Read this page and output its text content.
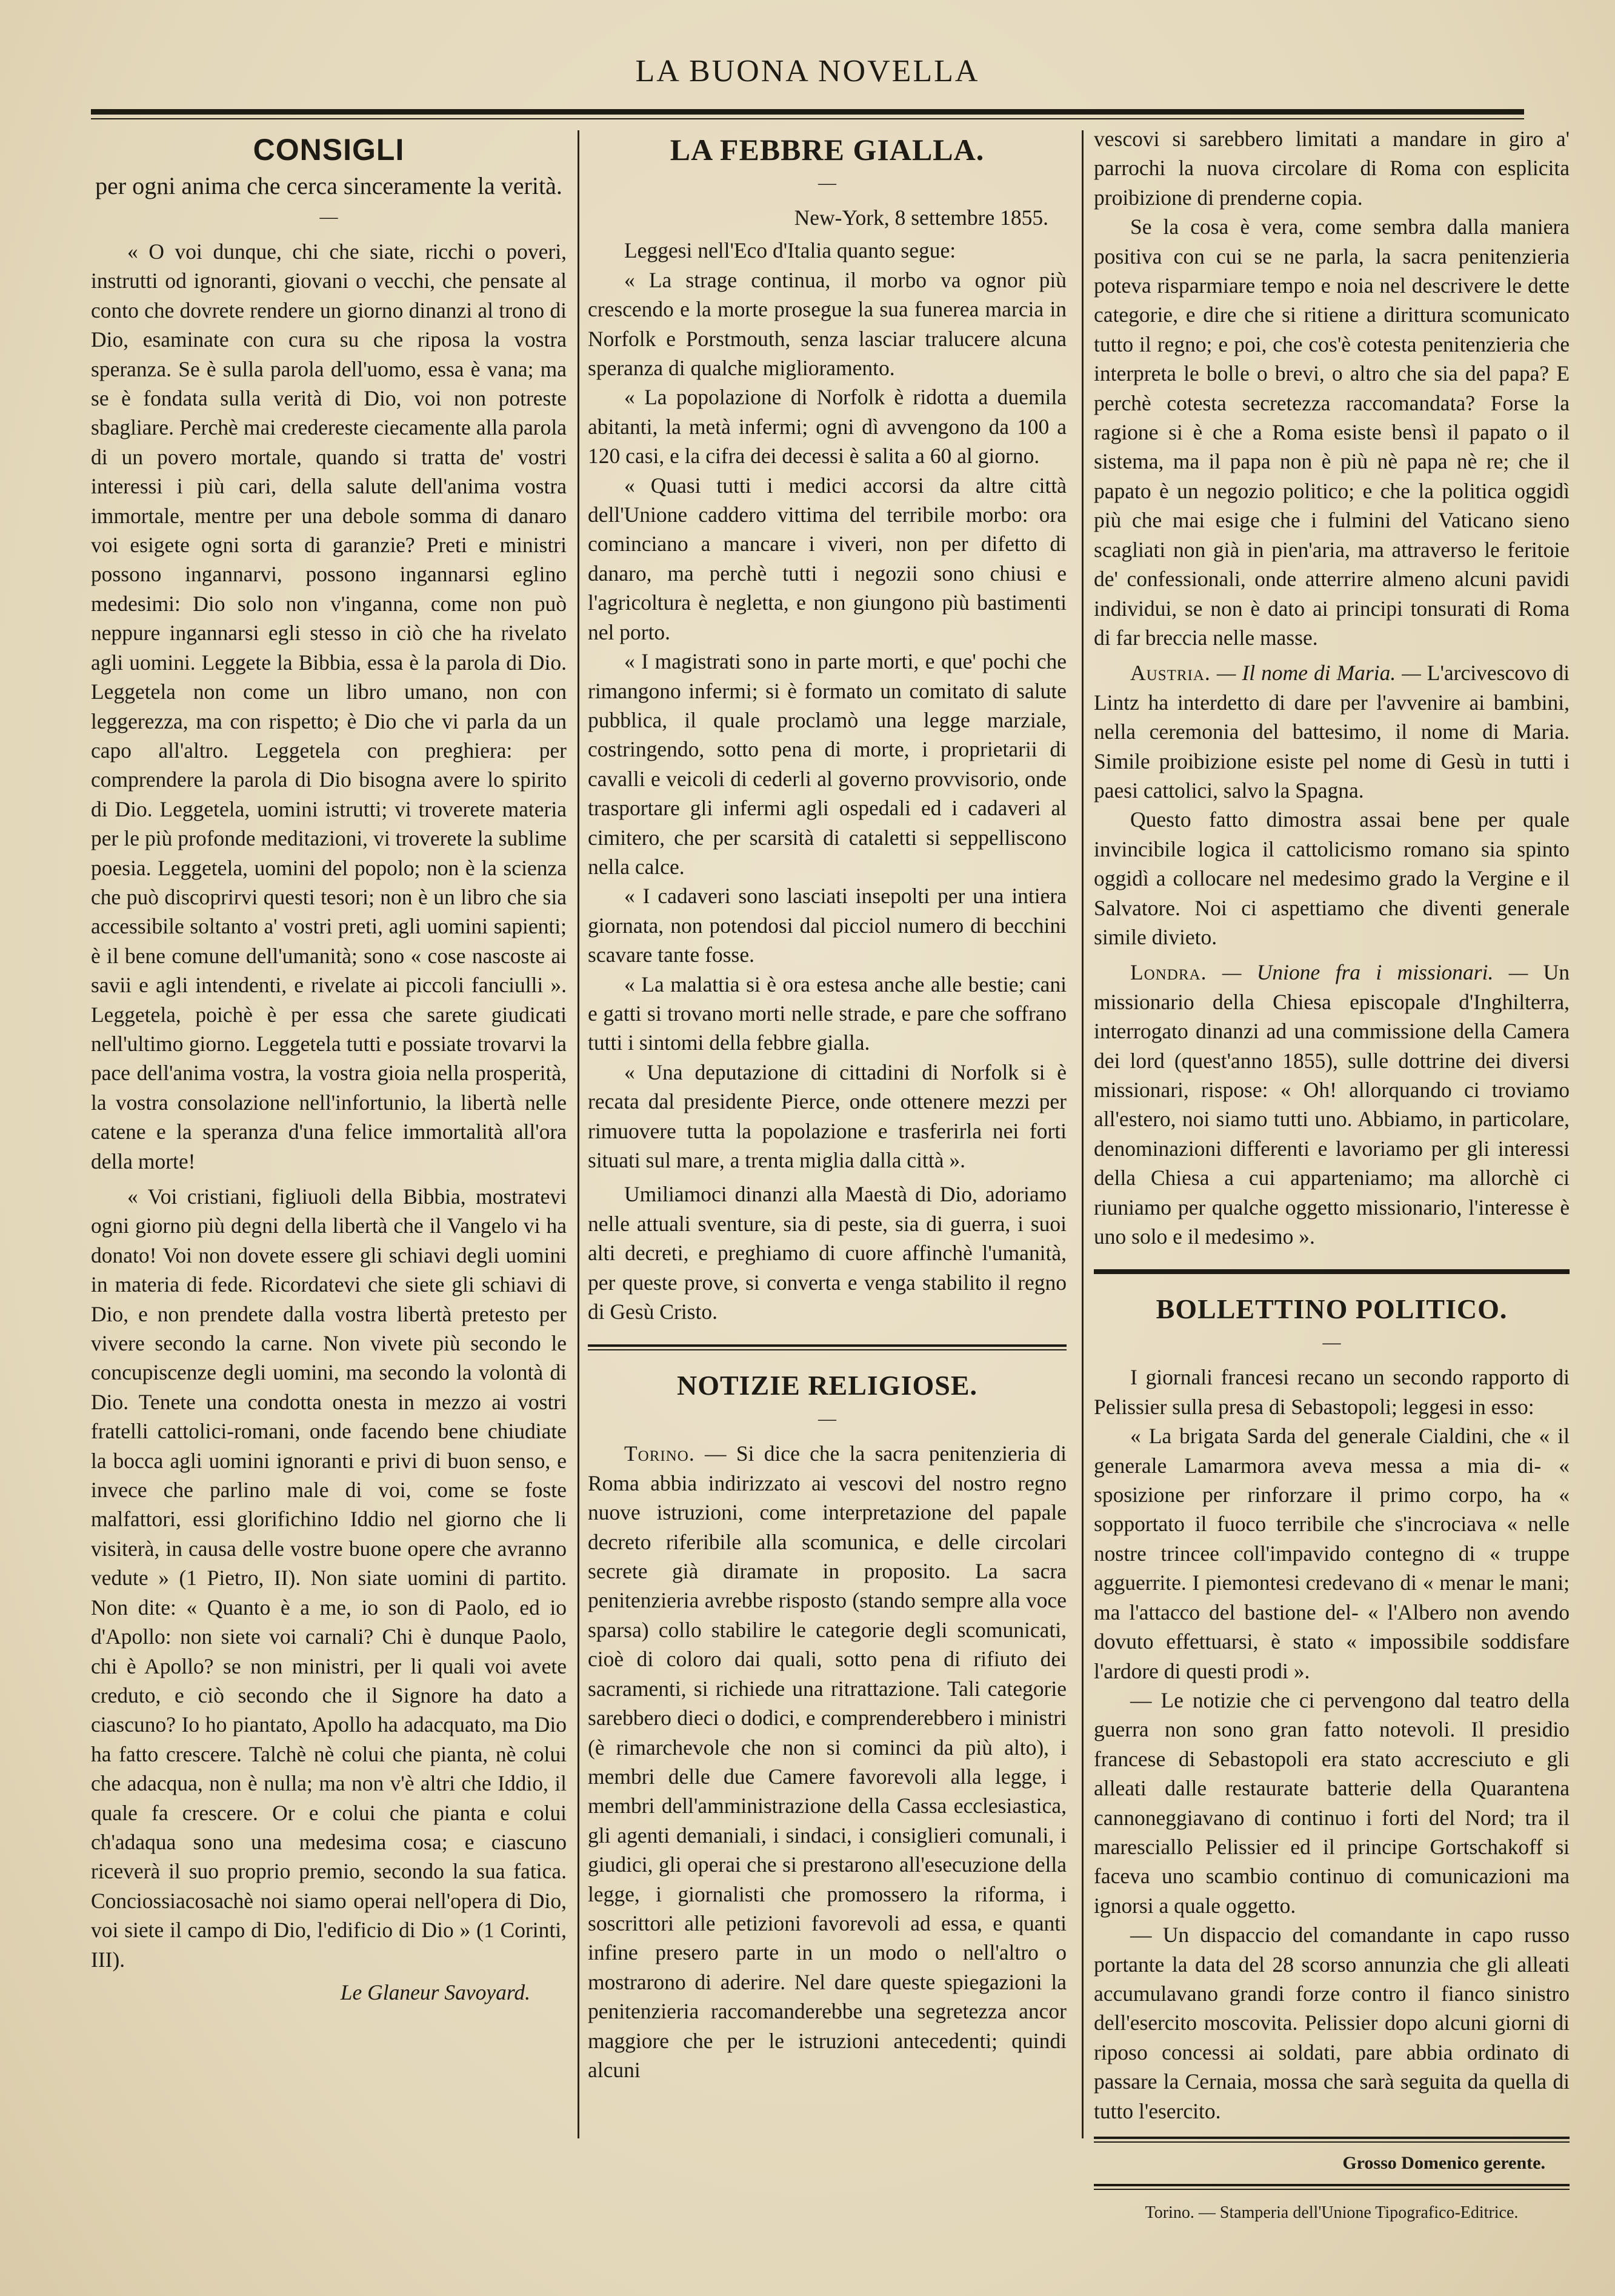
LA BUONA NOVELLA
CONSIGLI
per ogni anima che cerca sinceramente la verità.
—

« O voi dunque, chi che siate, ricchi o poveri, instrutti od ignoranti, giovani o vecchi, che pensate al conto che dovrete rendere un giorno dinanzi al trono di Dio, esaminate con cura su che riposa la vostra speranza. Se è sulla parola dell'uomo, essa è vana; ma se è fondata sulla verità di Dio, voi non potreste sbagliare. Perchè mai credereste ciecamente alla parola di un povero mortale, quando si tratta de' vostri interessi i più cari, della salute dell'anima vostra immortale, mentre per una debole somma di danaro voi esigete ogni sorta di garanzie? Preti e ministri possono ingannarvi, possono ingannarsi eglino medesimi: Dio solo non v'inganna, come non può neppure ingannarsi egli stesso in ciò che ha rivelato agli uomini. Leggete la Bibbia, essa è la parola di Dio. Leggetela non come un libro umano, non con leggerezza, ma con rispetto; è Dio che vi parla da un capo all'altro. Leggetela con preghiera: per comprendere la parola di Dio bisogna avere lo spirito di Dio. Leggetela, uomini istrutti; vi troverete materia per le più profonde meditazioni, vi troverete la sublime poesia. Leggetela, uomini del popolo; non è la scienza che può discoprirvi questi tesori; non è un libro che sia accessibile soltanto a' vostri preti, agli uomini sapienti; è il bene comune dell'umanità; sono « cose nascoste ai savii e agli intendenti, e rivelate ai piccoli fanciulli ». Leggetela, poichè è per essa che sarete giudicati nell'ultimo giorno. Leggetela tutti e possiate trovarvi la pace dell'anima vostra, la vostra gioia nella prosperità, la vostra consolazione nell'infortunio, la libertà nelle catene e la speranza d'una felice immortalità all'ora della morte!

« Voi cristiani, figliuoli della Bibbia, mostratevi ogni giorno più degni della libertà che il Vangelo vi ha donato! Voi non dovete essere gli schiavi degli uomini in materia di fede. Ricordatevi che siete gli schiavi di Dio, e non prendete dalla vostra libertà pretesto per vivere secondo la carne. Non vivete più secondo le concupiscenze degli uomini, ma secondo la volontà di Dio. Tenete una condotta onesta in mezzo ai vostri fratelli cattolici-romani, onde facendo bene chiudiate la bocca agli uomini ignoranti e privi di buon senso, e invece che parlino male di voi, come se foste malfattori, essi glorifichino Iddio nel giorno che li visiterà, in causa delle vostre buone opere che avranno vedute » (1 Pietro, II). Non siate uomini di partito. Non dite: « Quanto è a me, io son di Paolo, ed io d'Apollo: non siete voi carnali? Chi è dunque Paolo, chi è Apollo? se non ministri, per li quali voi avete creduto, e ciò secondo che il Signore ha dato a ciascuno? Io ho piantato, Apollo ha adacquato, ma Dio ha fatto crescere. Talchè nè colui che pianta, nè colui che adacqua, non è nulla; ma non v'è altri che Iddio, il quale fa crescere. Or e colui che pianta e colui ch'adaqua sono una medesima cosa; e ciascuno riceverà il suo proprio premio, secondo la sua fatica. Conciossiacosachè noi siamo operai nell'opera di Dio, voi siete il campo di Dio, l'edificio di Dio » (1 Corinti, III).

Le Glaneur Savoyard.
LA FEBBRE GIALLA.
—
New-York, 8 settembre 1855.

Leggesi nell'Eco d'Italia quanto segue:

« La strage continua, il morbo va ognor più crescendo e la morte prosegue la sua funerea marcia in Norfolk e Porstmouth, senza lasciar tralucere alcuna speranza di qualche miglioramento.

« La popolazione di Norfolk è ridotta a duemila abitanti, la metà infermi; ogni dì avvengono da 100 a 120 casi, e la cifra dei decessi è salita a 60 al giorno.

« Quasi tutti i medici accorsi da altre città dell'Unione caddero vittima del terribile morbo: ora cominciano a mancare i viveri, non per difetto di danaro, ma perchè tutti i negozii sono chiusi e l'agricoltura è negletta, e non giungono più bastimenti nel porto.

« I magistrati sono in parte morti, e que' pochi che rimangono infermi; si è formato un comitato di salute pubblica, il quale proclamò una legge marziale, costringendo, sotto pena di morte, i proprietarii di cavalli e veicoli di cederli al governo provvisorio, onde trasportare gli infermi agli ospedali ed i cadaveri al cimitero, che per scarsità di cataletti si seppelliscono nella calce.

« I cadaveri sono lasciati insepolti per una intiera giornata, non potendosi dal picciol numero di becchini scavare tante fosse.

« La malattia si è ora estesa anche alle bestie; cani e gatti si trovano morti nelle strade, e pare che soffrano tutti i sintomi della febbre gialla.

« Una deputazione di cittadini di Norfolk si è recata dal presidente Pierce, onde ottenere mezzi per rimuovere tutta la popolazione e trasferirla nei forti situati sul mare, a trenta miglia dalla città ».

Umiliamoci dinanzi alla Maestà di Dio, adoriamo nelle attuali sventure, sia di peste, sia di guerra, i suoi alti decreti, e preghiamo di cuore affinchè l'umanità, per queste prove, si converta e venga stabilito il regno di Gesù Cristo.

NOTIZIE RELIGIOSE.
—

Torino. — Si dice che la sacra penitenzieria di Roma abbia indirizzato ai vescovi del nostro regno nuove istruzioni, come interpretazione del papale decreto riferibile alla scomunica, e delle circolari secrete già diramate in proposito. La sacra penitenzieria avrebbe risposto (stando sempre alla voce sparsa) collo stabilire le categorie degli scomunicati, cioè di coloro dai quali, sotto pena di rifiuto dei sacramenti, si richiede una ritrattazione. Tali categorie sarebbero dieci o dodici, e comprenderebbero i ministri (è rimarchevole che non si cominci da più alto), i membri delle due Camere favorevoli alla legge, i membri dell'amministrazione della Cassa ecclesiastica, gli agenti demaniali, i sindaci, i consiglieri comunali, i giudici, gli operai che si prestarono all'esecuzione della legge, i giornalisti che promossero la riforma, i soscrittori alle petizioni favorevoli ad essa, e quanti infine presero parte in un modo o nell'altro o mostrarono di aderire. Nel dare queste spiegazioni la penitenzieria raccomanderebbe una segretezza ancor maggiore che per le istruzioni antecedenti; quindi alcuni

vescovi si sarebbero limitati a mandare in giro a' parrochi la nuova circolare di Roma con esplicita proibizione di prenderne copia.

Se la cosa è vera, come sembra dalla maniera positiva con cui se ne parla, la sacra penitenzieria poteva risparmiare tempo e noia nel descrivere le dette categorie, e dire che si ritiene a dirittura scomunicato tutto il regno; e poi, che cos'è cotesta penitenzieria che interpreta le bolle o brevi, o altro che sia del papa? E perchè cotesta secretezza raccomandata? Forse la ragione si è che a Roma esiste bensì il papato o il sistema, ma il papa non è più nè papa nè re; che il papato è un negozio politico; e che la politica oggidì più che mai esige che i fulmini del Vaticano sieno scagliati non già in pien'aria, ma attraverso le feritoie de' confessionali, onde atterrire almeno alcuni pavidi individui, se non è dato ai principi tonsurati di Roma di far breccia nelle masse.

Austria. — Il nome di Maria. — L'arcivescovo di Lintz ha interdetto di dare per l'avvenire ai bambini, nella ceremonia del battesimo, il nome di Maria. Simile proibizione esiste pel nome di Gesù in tutti i paesi cattolici, salvo la Spagna.

Questo fatto dimostra assai bene per quale invincibile logica il cattolicismo romano sia spinto oggidì a collocare nel medesimo grado la Vergine e il Salvatore. Noi ci aspettiamo che diventi generale simile divieto.

Londra. — Unione fra i missionari. — Un missionario della Chiesa episcopale d'Inghilterra, interrogato dinanzi ad una commissione della Camera dei lord (quest'anno 1855), sulle dottrine dei diversi missionari, rispose: « Oh! allorquando ci troviamo all'estero, noi siamo tutti uno. Abbiamo, in particolare, denominazioni differenti e lavoriamo per gli interessi della Chiesa a cui apparteniamo; ma allorchè ci riuniamo per qualche oggetto missionario, l'interesse è uno solo e il medesimo ».

BOLLETTINO POLITICO.
—

I giornali francesi recano un secondo rapporto di Pelissier sulla presa di Sebastopoli; leggesi in esso:

« La brigata Sarda del generale Cialdini, che « il generale Lamarmora aveva messa a mia di- « sposizione per rinforzare il primo corpo, ha « sopportato il fuoco terribile che s'incrociava « nelle nostre trincee coll'impavido contegno di « truppe agguerrite. I piemontesi credevano di « menar le mani; ma l'attacco del bastione del- « l'Albero non avendo dovuto effettuarsi, è stato « impossibile soddisfare l'ardore di questi prodi ».

— Le notizie che ci pervengono dal teatro della guerra non sono gran fatto notevoli. Il presidio francese di Sebastopoli era stato accresciuto e gli alleati dalle restaurate batterie della Quarantena cannoneggiavano di continuo i forti del Nord; tra il maresciallo Pelissier ed il principe Gortschakoff si faceva uno scambio continuo di comunicazioni ma ignorsi a quale oggetto.

— Un dispaccio del comandante in capo russo portante la data del 28 scorso annunzia che gli alleati accumulavano grandi forze contro il fianco sinistro dell'esercito moscovita. Pelissier dopo alcuni giorni di riposo concessi ai soldati, pare abbia ordinato di passare la Cernaia, mossa che sarà seguita da quella di tutto l'esercito.

Grosso Domenico gerente.
Torino. — Stamperia dell'Unione Tipografico-Editrice.
